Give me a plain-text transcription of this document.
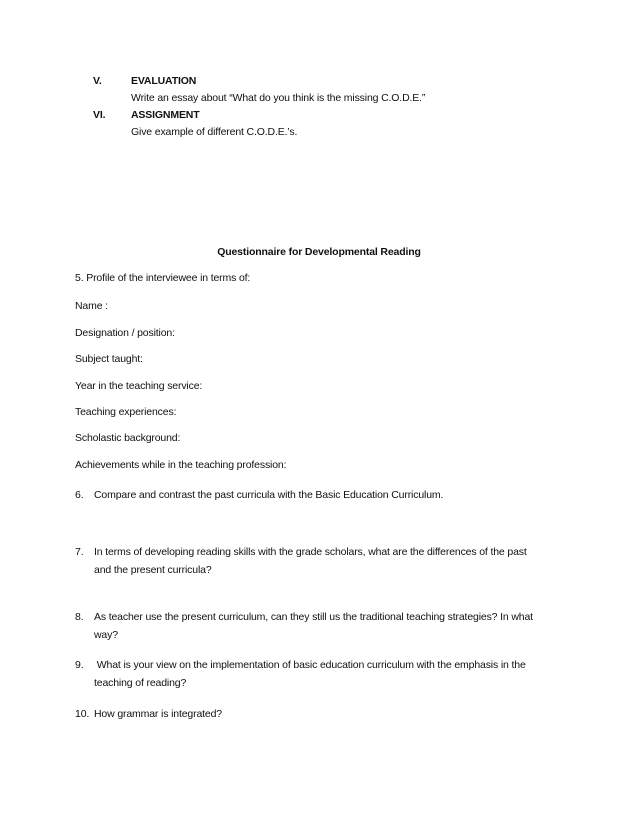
V.	EVALUATION
Write an essay about “What do you think is the missing C.O.D.E.”
VI. ASSIGNMENT
Give example of different C.O.D.E.’s.
Questionnaire for Developmental Reading
5. Profile of the interviewee in terms of:
Name :
Designation / position:
Subject taught:
Year in the teaching service:
Teaching experiences:
Scholastic background:
Achievements while in the teaching profession:
6. Compare and contrast the past curricula with the Basic Education Curriculum.
7. In terms of developing reading skills with the grade scholars, what are the differences of the past
and the present curricula?
8. As teacher use the present curriculum, can they still us the traditional teaching strategies? In what
way?
9. What is your view on the implementation of basic education curriculum with the emphasis in the
teaching of reading?
10. How grammar is integrated?
